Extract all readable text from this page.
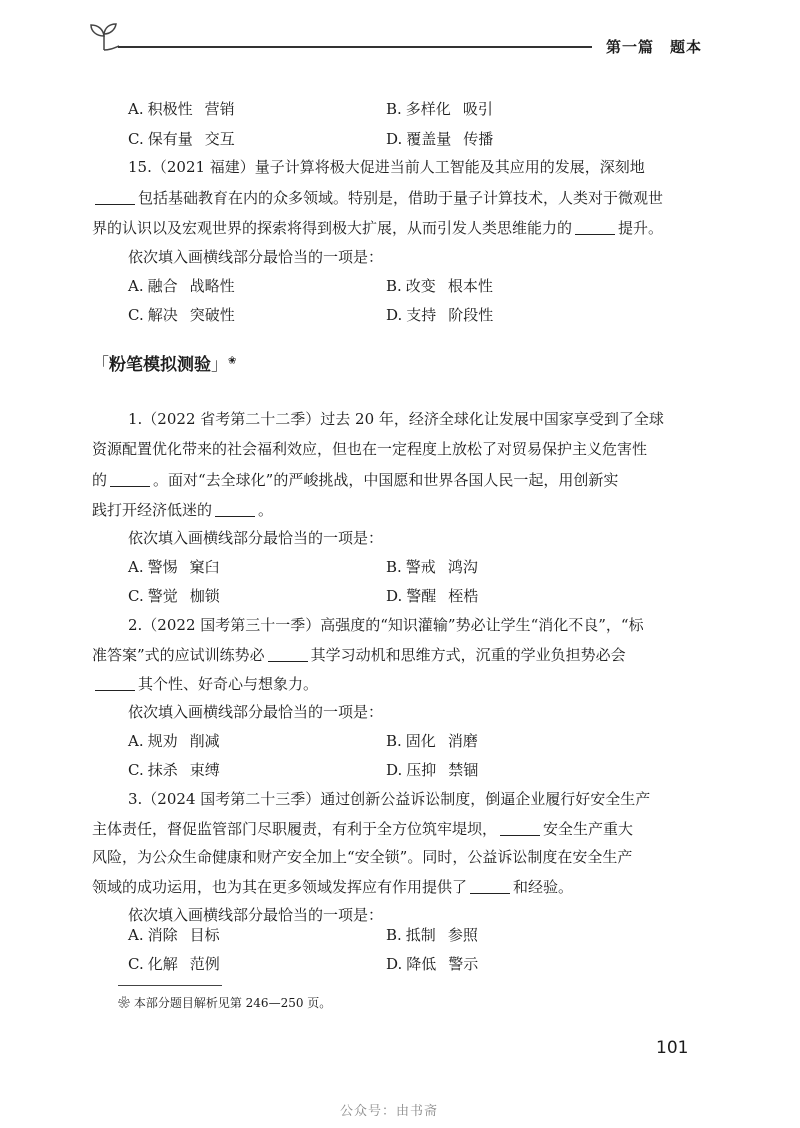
第一篇　题本
A. 积极性 营销	B. 多样化 吸引
C. 保有量 交互	D. 覆盖量 传播
15.（2021 福建）量子计算将极大促进当前人工智能及其应用的发展，深刻地
包括基础教育在内的众多领域。特别是，借助于量子计算技术，人类对于微观世
界的认识以及宏观世界的探索将得到极大扩展，从而引发人类思维能力的	提升。
依次填入画横线部分最恰当的一项是：
A. 融合 战略性	B. 改变 根本性
C. 解决 突破性	D. 支持 阶段性
「粉笔模拟测验」❀
1.（2022 省考第二十二季）过去 20 年，经济全球化让发展中国家享受到了全球
资源配置优化带来的社会福利效应，但也在一定程度上放松了对贸易保护主义危害性
的	。面对“去全球化”的严峻挑战，中国愿和世界各国人民一起，用创新实
践打开经济低迷的	。
依次填入画横线部分最恰当的一项是：
A. 警惕 窠臼	B. 警戒 鸿沟
C. 警觉 枷锁	D. 警醒 桎梏
2.（2022 国考第三十一季）高强度的“知识灌输”势必让学生“消化不良”，“标
准答案”式的应试训练势必	其学习动机和思维方式，沉重的学业负担势必会
其个性、好奇心与想象力。
依次填入画横线部分最恰当的一项是：
A. 规劝 削减	B. 固化 消磨
C. 抹杀 束缚	D. 压抑 禁锢
3.（2024 国考第二十三季）通过创新公益诉讼制度，倒逼企业履行好安全生产
主体责任，督促监管部门尽职履责，有利于全方位筑牢堤坝，	安全生产重大
风险，为公众生命健康和财产安全加上“安全锁”。同时，公益诉讼制度在安全生产
领域的成功运用，也为其在更多领域发挥应有作用提供了	和经验。
依次填入画横线部分最恰当的一项是：
A. 消除 目标	B. 抵制 参照
C. 化解 范例	D. 降低 警示
❀ 本部分题目解析见第 246—250 页。
101
公众号：由书斋
